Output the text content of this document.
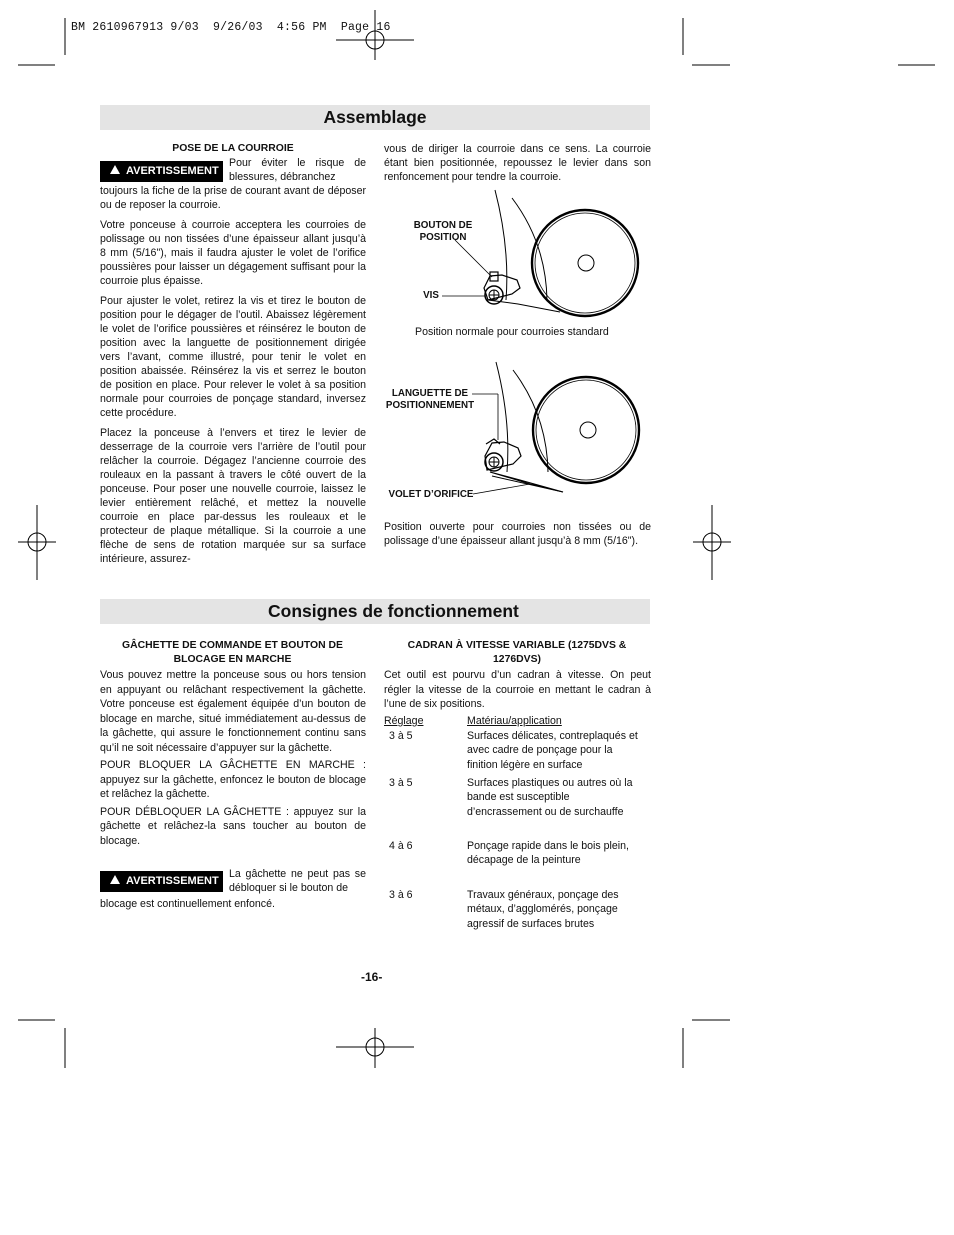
BM 2610967913 9/03  9/26/03  4:56 PM  Page 16
Assemblage
POSE DE LA COURROIE
AVERTISSEMENT
Pour éviter le risque de blessures, débranchez

toujours la fiche de la prise de courant avant de déposer ou de reposer la courroie.

Votre ponceuse à courroie acceptera les courroies de polissage ou non tissées d’une épaisseur allant jusqu’à 8 mm (5/16"), mais il faudra ajuster le volet de l’orifice poussières pour laisser un dégagement suffisant pour la courroie plus épaisse.

Pour ajuster le volet, retirez la vis et tirez le bouton de position pour le dégager de l’outil. Abaissez légèrement le volet de l’orifice poussières et réinsérez le bouton de position avec la languette de positionnement dirigée vers l’avant, comme illustré, pour tenir le volet en position abaissée. Réinsérez la vis et serrez le bouton de position en place. Pour relever le volet à sa position normale pour courroies de ponçage standard, inversez cette procédure.

Placez la ponceuse à l’envers et tirez le levier de desserrage de la courroie vers l’arrière de l’outil pour relâcher la courroie. Dégagez l’ancienne courroie des rouleaux en la passant à travers le côté ouvert de la ponceuse. Pour poser une nouvelle courroie, laissez le levier entièrement relâché, et mettez la nouvelle courroie en place par-dessus les rouleaux et le protecteur de plaque métallique. Si la courroie a une flèche de sens de rotation marquée sur sa surface intérieure, assurez-

vous de diriger la courroie dans ce sens. La courroie étant bien positionnée, repoussez le levier dans son renfoncement pour tendre la courroie.
BOUTON DE POSITION
VIS
Position normale pour courroies standard
LANGUETTE DE POSITIONNEMENT
VOLET D’ORIFICE
Position ouverte pour courroies non tissées ou de polissage d’une épaisseur allant jusqu’à 8 mm (5/16").
Consignes de fonctionnement
GÂCHETTE DE COMMANDE ET BOUTON DE BLOCAGE EN MARCHE

Vous pouvez mettre la ponceuse sous ou hors tension en appuyant ou relâchant respectivement la gâchette. Votre ponceuse est également équipée d’un bouton de blocage en marche, situé immédiatement au-dessus de la gâchette, qui assure le fonctionnement continu sans qu’il ne soit nécessaire d’appuyer sur la gâchette.

POUR BLOQUER LA GÂCHETTE EN MARCHE : appuyez sur la gâchette, enfoncez le bouton de blocage et relâchez la gâchette.

POUR DÉBLOQUER LA GÂCHETTE : appuyez sur la gâchette et relâchez-la sans toucher au bouton de blocage.

AVERTISSEMENT
La gâchette ne peut pas se débloquer si le bouton de
blocage est continuellement enfoncé.
CADRAN À VITESSE VARIABLE (1275DVS & 1276DVS)
Cet outil est pourvu d’un cadran à vitesse. On peut régler la vitesse de la courroie en mettant le cadran à l’une de six positions.
Réglage	Matériau/application
3 à 5	Surfaces délicates, contreplaqués et avec cadre de ponçage pour la finition légère en surface
3 à 5	Surfaces plastiques ou autres où la bande est susceptible d’encrassement ou de surchauffe
4 à 6	Ponçage rapide dans le bois plein, décapage de la peinture
3 à 6	Travaux généraux, ponçage des métaux, d’agglomérés, ponçage agressif de surfaces brutes
-16-
